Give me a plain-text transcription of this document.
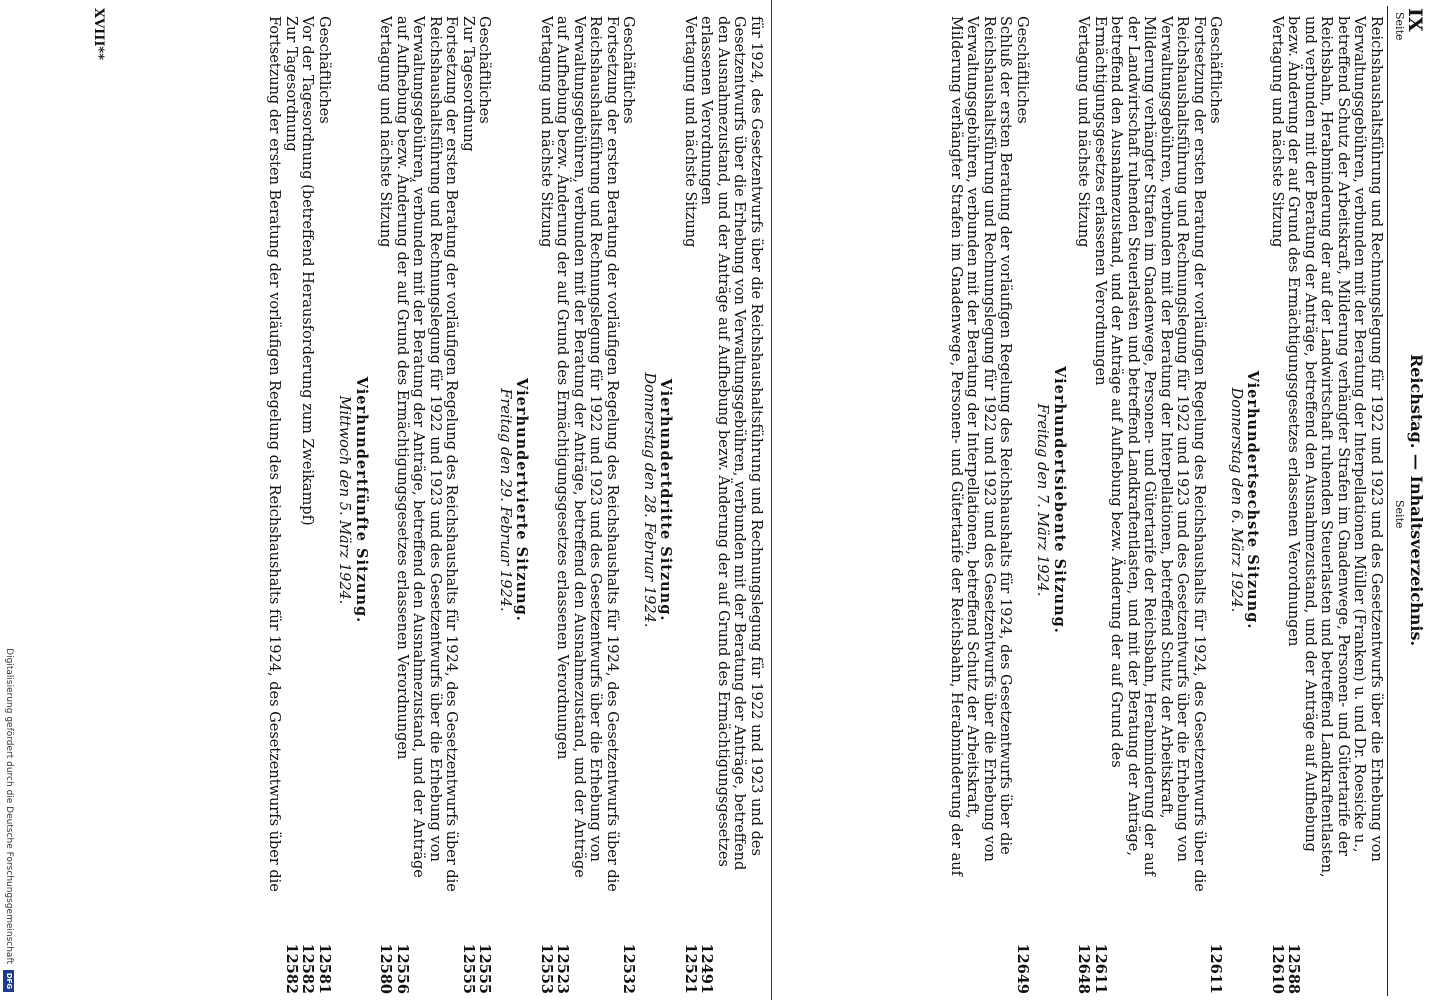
IX
Reichstag. — Inhaltsverzeichnis.
Seite
Seite
Reichshaushaltsführung und Rechnungslegung für 1922 und 1923 und des Gesetzentwurfs über die Erhebung von Verwaltungsgebühren, verbunden mit der Beratung der Interpellationen Müller (Franken) u. und Dr. Roesicke u., betreffend Schutz der Arbeitskraft, Milderung verhängter Strafen im Gnadenwege, Personen- und Gütertarife der Reichsbahn, Herabminderung der auf der Landwirtschaft ruhenden Steuerlasten und betreffend Landkraftentlasten, und verbunden mit der Beratung der Anträge, betreffend den Ausnahmezustand, und der Anträge auf Aufhebung bezw. Änderung der auf Grund des Ermächtigungsgesetzes erlassenen Verordnungen
12588
Vertagung und nächste Sitzung
12610
Vierhundertsechste Sitzung.
Donnerstag den 6. März 1924.
Geschäftliches
12611
Fortsetzung der ersten Beratung der vorläufigen Regelung des Reichshaushalts für 1924, des Gesetzentwurfs über die Reichshaushaltsführung und Rechnungslegung für 1922 und 1923 und des Gesetzentwurfs über die Erhebung von Verwaltungsgebühren, verbunden mit der Beratung der Interpellationen, betreffend Schutz der Arbeitskraft, Milderung verhängter Strafen im Gnadenwege, Personen- und Gütertarife der Reichsbahn, Herabminderung der auf der Landwirtschaft ruhenden Steuerlasten und betreffend Landkraftentlasten, und mit der Beratung der Anträge, betreffend den Ausnahmezustand, und der Anträge auf Aufhebung bezw. Änderung der auf Grund des Ermächtigungsgesetzes erlassenen Verordnungen
12611
Vertagung und nächste Sitzung
12648
Vierhundertsiebente Sitzung.
Freitag den 7. März 1924.
Geschäftliches
12649
Schluß der ersten Beratung der vorläufigen Regelung des Reichshaushalts für 1924, des Gesetzentwurfs über die Reichshaushaltsführung und Rechnungslegung für 1922 und 1923 und des Gesetzentwurfs über die Erhebung von Verwaltungsgebühren, verbunden mit der Beratung der Interpellationen, betreffend Schutz der Arbeitskraft, Milderung verhängter Strafen im Gnadenwege, Personen- und Gütertarife der Reichsbahn, Herabminderung der auf
für 1924, des Gesetzentwurfs über die Reichshaushaltsführung und Rechnungslegung für 1922 und 1923 und des Gesetzentwurfs über die Erhebung von Verwaltungsgebühren, verbunden mit der Beratung der Anträge, betreffend den Ausnahmezustand, und der Anträge auf Aufhebung bezw. Änderung der auf Grund des Ermächtigungsgesetzes erlassenen Verordnungen
12491
Vertagung und nächste Sitzung
12521
Vierhundertdritte Sitzung.
Donnerstag den 28. Februar 1924.
Geschäftliches
12532
Fortsetzung der ersten Beratung der vorläufigen Regelung des Reichshaushalts für 1924, des Gesetzentwurfs über die Reichshaushaltsführung und Rechnungslegung für 1922 und 1923 und des Gesetzentwurfs über die Erhebung von Verwaltungsgebühren, verbunden mit der Beratung der Anträge, betreffend den Ausnahmezustand, und der Anträge auf Aufhebung bezw. Änderung der auf Grund des Ermächtigungsgesetzes erlassenen Verordnungen
12523
Vertagung und nächste Sitzung
12553
Vierhundertvierte Sitzung.
Freitag den 29. Februar 1924.
Geschäftliches
12555
Zur Tagesordnung
12555
Fortsetzung der ersten Beratung der vorläufigen Regelung des Reichshaushalts für 1924, des Gesetzentwurfs über die Reichshaushaltsführung und Rechnungslegung für 1922 und 1923 und des Gesetzentwurfs über die Erhebung von Verwaltungsgebühren, verbunden mit der Beratung der Anträge, betreffend den Ausnahmezustand, und der Anträge auf Aufhebung bezw. Änderung der auf Grund des Ermächtigungsgesetzes erlassenen Verordnungen
12556
Vertagung und nächste Sitzung
12580
Vierhundertfünfte Sitzung.
Mittwoch den 5. März 1924.
Geschäftliches
12581
Vor der Tagesordnung (betreffend Herausforderung zum Zweikampf)
12582
Zur Tagesordnung
12582
Fortsetzung der ersten Beratung der vorläufigen Regelung des Reichshaushalts für 1924, des Gesetzentwurfs über die
XVIII**
Digitalisierung gefördert durch die Deutsche Forschungsgemeinschaft
DFG
